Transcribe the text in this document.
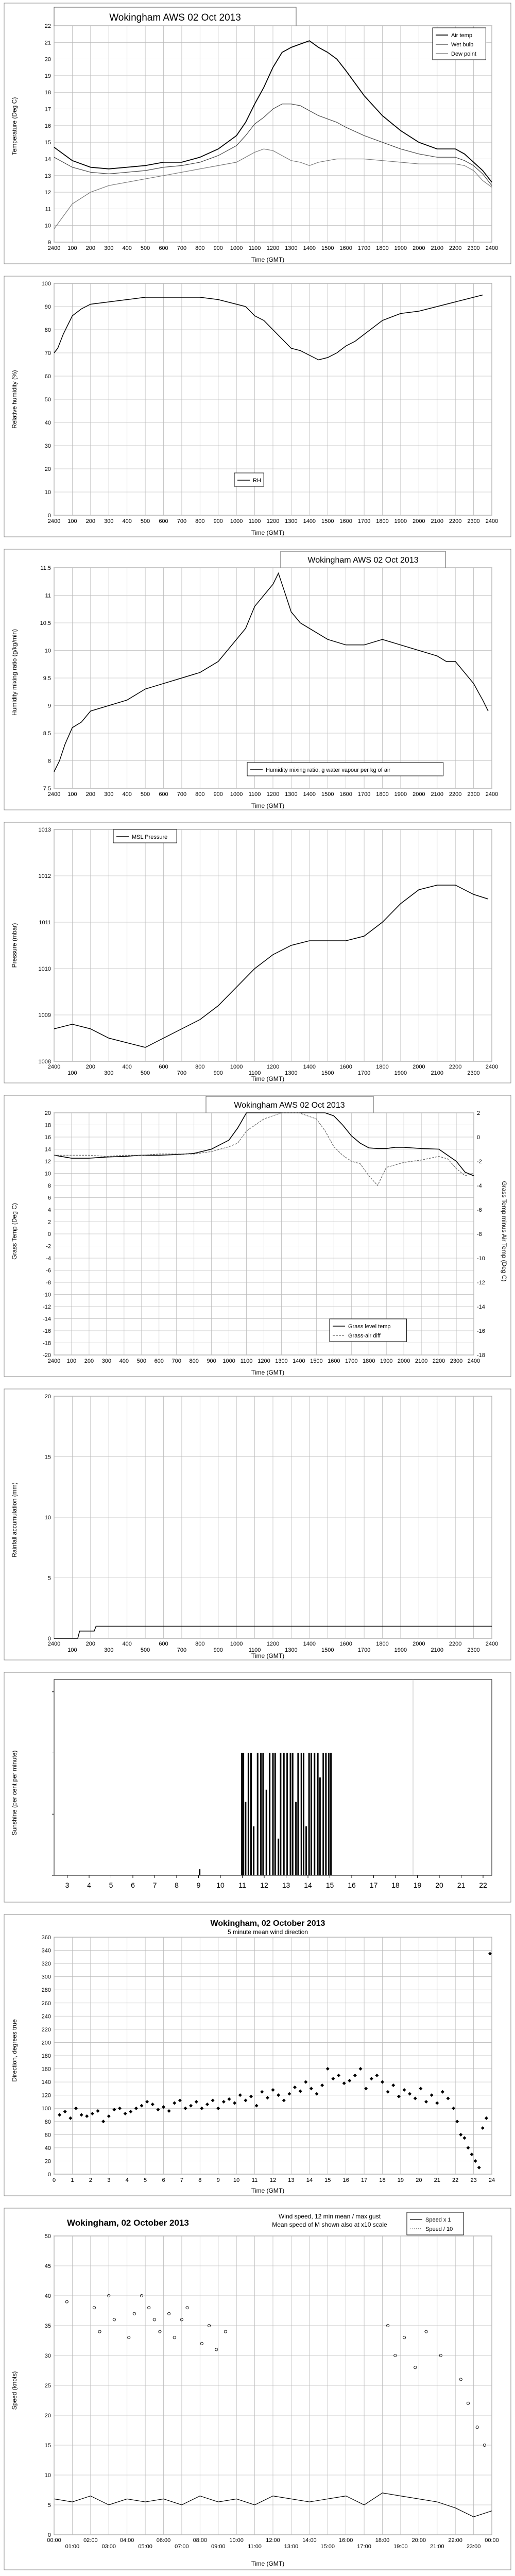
Wokingham AWS 02 Oct 2013
Temperature (Deg C)
Time (GMT)
2400 100 200 300 400 500 600 700 800 900 1000 1100 1200 1300 1400 1500 1600 1700 1800 1900 2000 2100 2200 2300 2400
9
10
11
12
13
14
15
16
17
18
19
20
21
22
Air temp
Wet bulb
Dew point
Relative humidity (%)
Time (GMT)
2400 100 200 300 400 500 600 700 800 900 1000 1100 1200 1300 1400 1500 1600 1700 1800 1900 2000 2100 2200 2300 2400
0
10
20
30
40
50
60
70
80
90
100
RH
Wokingham AWS 02 Oct 2013
Humidity mixing ratio (g/kg/min)
Time (GMT)
2400 100 200 300 400 500 600 700 800 900 1000 1100 1200 1300 1400 1500 1600 1700 1800 1900 2000 2100 2200 2300 2400
7.5
8
8.5
9
9.5
10
10.5
11
11.5
Humidity mixing ratio, g water vapour per kg of air
Pressure (mbar)
Time (GMT)
2400
100
200
300
400
500
600
700
800
900
1000
1100
1200
1300
1400
1500
1600
1700
1800
1900
2000
2100
2200
2300
2400
1008
1009
1010
1011
1012
1013
MSL Pressure
Wokingham AWS 02 Oct 2013
Grass Temp (Deg C)	Grass Temp minus Air Temp (Deg C)
Time (GMT)
2400 100 200 300 400 500 600 700 800 900 1000 1100 1200 1300 1400 1500 1600 1700 1800 1900 2000 2100 2200 2300 2400
-20
-18
-16
-14
-12
-10
-8
-6
-4
-2
0
2
4
6
8
10
12
14
16
18
20
-18
-16
-14
-12
-10
-8
-6
-4
-2
0
2
Grass level temp
Grass-air diff
Rainfall accumulation (mm)
Time (GMT)
2400
100
200
300
400
500
600
700
800
900
1000
1100
1200
1300
1400
1500
1600
1700
1800
1900
2000
2100
2200
2300
2400
0
5
10
15
20
Sunshine (per cent per minute)
3 4 5 6 7 8 9 10 11 12 13 14 15 16 17 18 19 20 21 22
Wokingham, 02 October 2013
5 minute mean wind direction
Direction, degrees true
Time (GMT)
0	1	2	3	4	5	6	7	8	9 10 11 12 13 14 15 16 17 18 19 20 21 22 23 24
0
20
40
60
80
100
120
140
160
180
200
220
240
260
280
300
320
340
360
Wokingham, 02 October 2013
Wind speed, 12 min mean / max gust
Mean speed of M shown also at x10 scale
Speed (knots)
Time (GMT)
00:00
01:00
02:00
03:00
04:00
05:00
06:00
07:00
08:00
09:00
10:00
11:00
12:00
13:00
14:00
15:00
16:00
17:00
18:00
19:00
20:00
21:00
22:00
23:00
00:00
0
5
10
15
20
25
30
35
40
45
50
Speed x 1
Speed / 10
